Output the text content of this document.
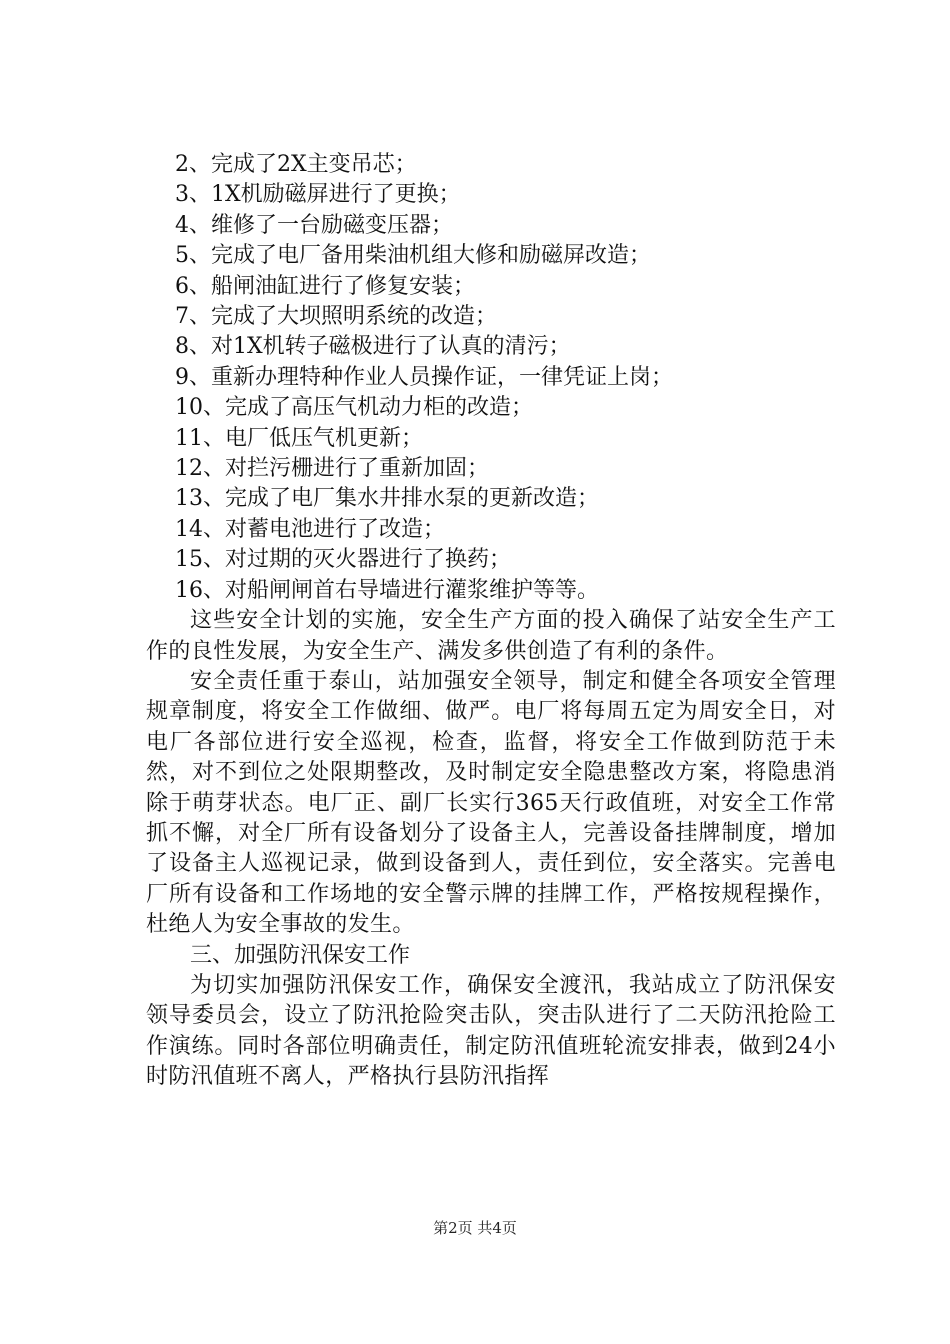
2、完成了2X主变吊芯；
3、1X机励磁屏进行了更换；
4、维修了一台励磁变压器；
5、完成了电厂备用柴油机组大修和励磁屏改造；
6、船闸油缸进行了修复安装；
7、完成了大坝照明系统的改造；
8、对1X机转子磁极进行了认真的清污；
9、重新办理特种作业人员操作证，一律凭证上岗；
10、完成了高压气机动力柜的改造；
11、电厂低压气机更新；
12、对拦污栅进行了重新加固；
13、完成了电厂集水井排水泵的更新改造；
14、对蓄电池进行了改造；
15、对过期的灭火器进行了换药；
16、对船闸闸首右导墙进行灌浆维护等等。

这些安全计划的实施，安全生产方面的投入确保了站安全生产工作的良性发展，为安全生产、满发多供创造了有利的条件。

安全责任重于泰山，站加强安全领导，制定和健全各项安全管理规章制度，将安全工作做细、做严。电厂将每周五定为周安全日，对电厂各部位进行安全巡视，检查，监督，将安全工作做到防范于未然，对不到位之处限期整改，及时制定安全隐患整改方案，将隐患消除于萌芽状态。电厂正、副厂长实行365天行政值班，对安全工作常抓不懈，对全厂所有设备划分了设备主人，完善设备挂牌制度，增加了设备主人巡视记录，做到设备到人，责任到位，安全落实。完善电厂所有设备和工作场地的安全警示牌的挂牌工作，严格按规程操作，杜绝人为安全事故的发生。

三、加强防汛保安工作

为切实加强防汛保安工作，确保安全渡汛，我站成立了防汛保安领导委员会，设立了防汛抢险突击队，突击队进行了二天防汛抢险工作演练。同时各部位明确责任，制定防汛值班轮流安排表，做到24小时防汛值班不离人，严格执行县防汛指挥

第2页 共4页
